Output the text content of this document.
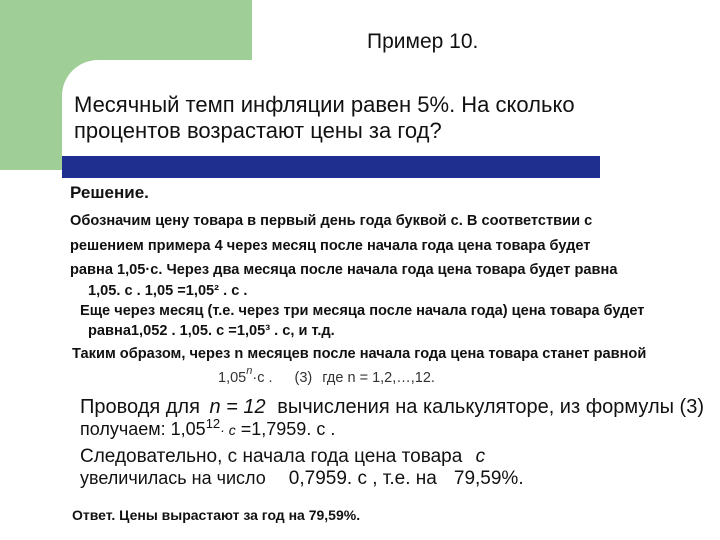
Пример 10.
Месячный темп инфляции равен 5%. На сколько
процентов возрастают цены за год?
Решение.
Обозначим цену товара в первый день года буквой c. В соответствии с
решением примера 4 через месяц после начала года цена товара будет
равна 1,05·c. Через два месяца после начала года цена товара будет равна
1,05. c . 1,05 =1,05² . c .
Еще через месяц (т.е. через три месяца после начала года) цена товара будет
равна1,052 . 1,05. c =1,05³ . c, и т.д.
Таким образом, через n месяцев после начала года цена товара станет равной
$1,05^n\cdot c$ . (3) где n = 1,2,…,12.
Проводя для n = 12 вычисления на калькуляторе, из формулы (3)
получаем: $1,05^{12}\cdot c =1,7959$. c .
Следовательно, с начала года цена товара c
увеличилась на число 0,7959. c , т.е. на 79,59%.
Ответ. Цены вырастают за год на 79,59%.
